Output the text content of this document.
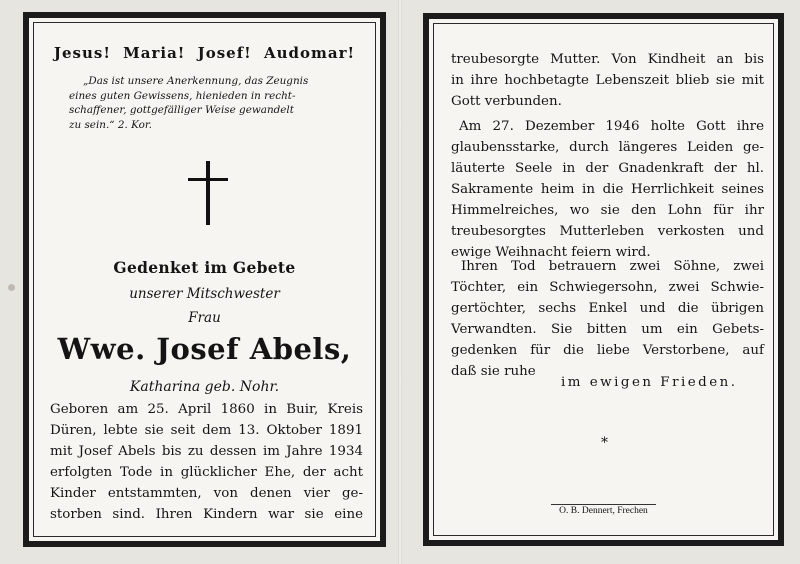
Jesus! Maria! Josef! Audomar!
„Das ist unsere Anerkennung, das Zeugnis
eines guten Gewissens, hienieden in recht-
schaffener, gottgefälliger Weise gewandelt
zu sein.“ 2. Kor.
Gedenket im Gebete
unserer Mitschwester
Frau
Wwe. Josef Abels,
Katharina geb. Nohr.
Geboren am 25. April 1860 in Buir, Kreis
Düren, lebte sie seit dem 13. Oktober 1891
mit Josef Abels bis zu dessen im Jahre 1934
erfolgten Tode in glücklicher Ehe, der acht
Kinder entstammten, von denen vier ge-
storben sind. Ihren Kindern war sie eine
treubesorgte Mutter. Von Kindheit an bis
in ihre hochbetagte Lebenszeit blieb sie mit
Gott verbunden.
Am 27. Dezember 1946 holte Gott ihre
glaubensstarke, durch längeres Leiden ge-
läuterte Seele in der Gnadenkraft der hl.
Sakramente heim in die Herrlichkeit seines
Himmelreiches, wo sie den Lohn für ihr
treubesorgtes Mutterleben verkosten und
ewige Weihnacht feiern wird.
Ihren Tod betrauern zwei Söhne, zwei
Töchter, ein Schwiegersohn, zwei Schwie-
gertöchter, sechs Enkel und die übrigen
Verwandten. Sie bitten um ein Gebets-
gedenken für die liebe Verstorbene, auf
daß sie ruhe
im ewigen Frieden.
*
O. B. Dennert, Frechen
